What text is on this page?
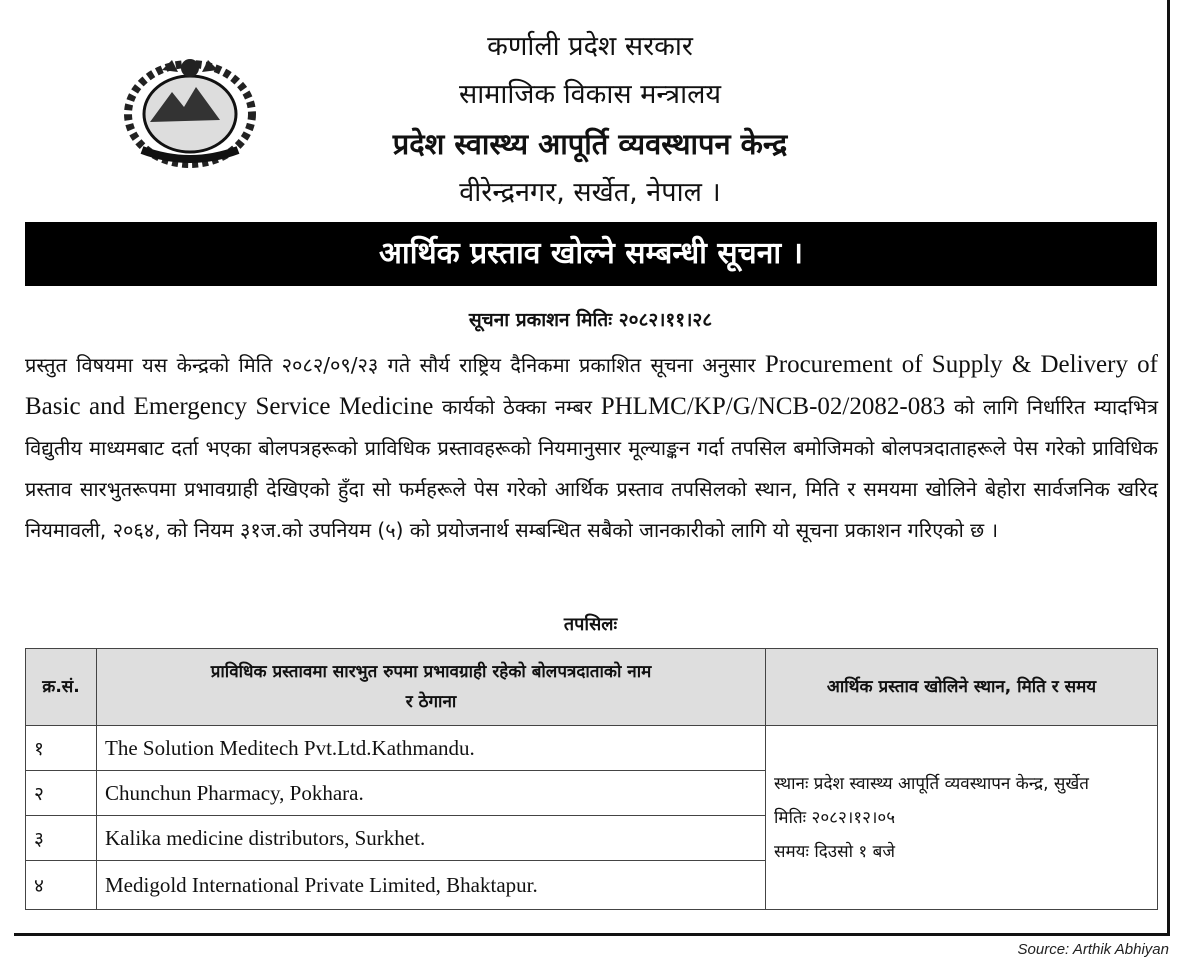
कर्णाली प्रदेश सरकार
सामाजिक विकास मन्त्रालय
प्रदेश स्वास्थ्य आपूर्ति व्यवस्थापन केन्द्र
वीरेन्द्रनगर, सर्खेत, नेपाल ।
आर्थिक प्रस्ताव खोल्ने सम्बन्धी सूचना ।
सूचना प्रकाशन मितिः २०८२।११।२८
प्रस्तुत विषयमा यस केन्द्रको मिति २०८२/०९/२३ गते सौर्य राष्ट्रिय दैनिकमा प्रकाशित सूचना अनुसार Procurement of Supply & Delivery of Basic and Emergency Service Medicine कार्यको ठेक्का नम्बर PHLMC/KP/G/NCB-02/2082-083 को लागि निर्धारित म्यादभित्र विद्युतीय माध्यमबाट दर्ता भएका बोलपत्रहरूको प्राविधिक प्रस्तावहरूको नियमानुसार मूल्याङ्कन गर्दा तपसिल बमोजिमको बोलपत्रदाताहरूले पेस गरेको प्राविधिक प्रस्ताव सारभुतरूपमा प्रभावग्राही देखिएको हुँदा सो फर्महरूले पेस गरेको आर्थिक प्रस्ताव तपसिलको स्थान, मिति र समयमा खोलिने बेहोरा सार्वजनिक खरिद नियमावली, २०६४, को नियम ३१ज.को उपनियम (५) को प्रयोजनार्थ सम्बन्धित सबैको जानकारीको लागि यो सूचना प्रकाशन गरिएको छ ।
तपसिलः
क्र.सं.	प्राविधिक प्रस्तावमा सारभुत रुपमा प्रभावग्राही रहेको बोलपत्रदाताको नाम र ठेगाना	आर्थिक प्रस्ताव खोलिने स्थान, मिति र समय
१	The Solution Meditech Pvt.Ltd.Kathmandu.	स्थानः प्रदेश स्वास्थ्य आपूर्ति व्यवस्थापन केन्द्र, सुर्खेत
मितिः २०८२।१२।०५
समयः दिउसो १ बजे

२	Chunchun Pharmacy, Pokhara.	
३	Kalika medicine distributors, Surkhet.	
४	Medigold International Private Limited, Bhaktapur.	
Source: Arthik Abhiyan
